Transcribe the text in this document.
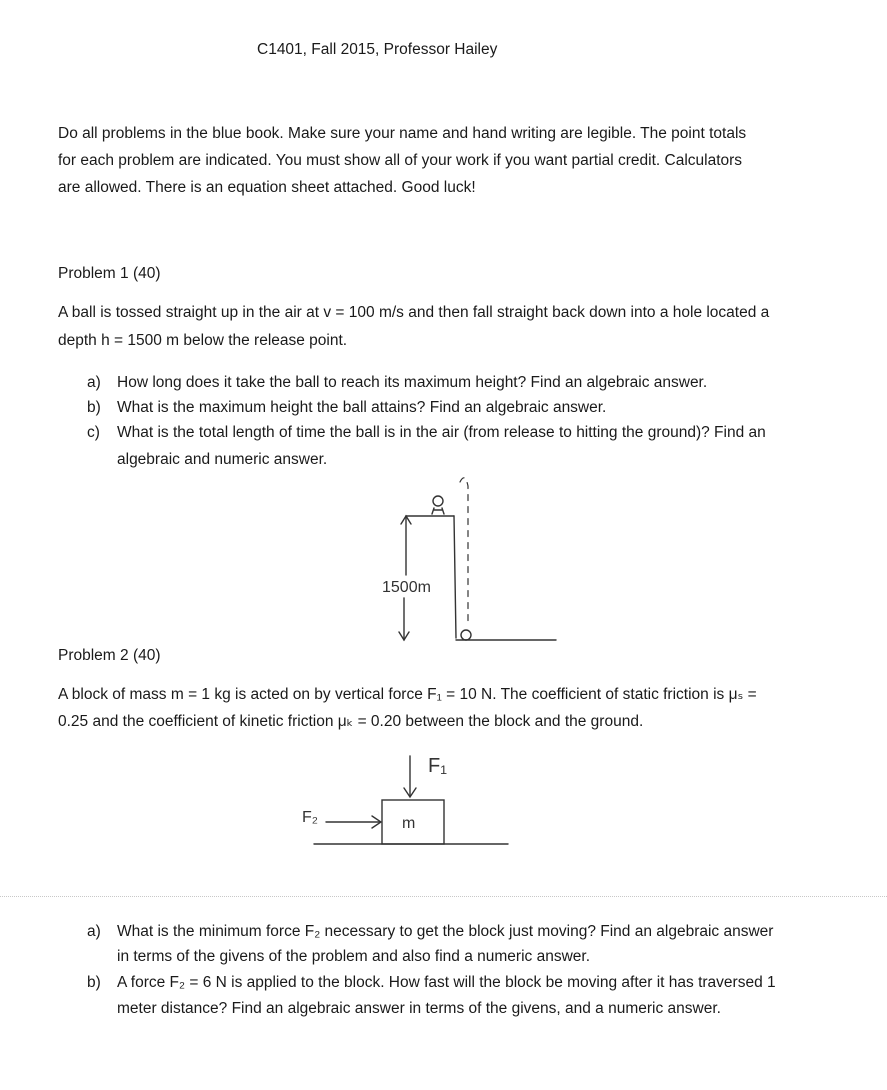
C1401, Fall 2015, Professor Hailey
Do all problems in the blue book. Make sure your name and hand writing are legible. The point totals
for each problem are indicated. You must show all of your work if you want partial credit. Calculators
are allowed. There is an equation sheet attached. Good luck!
Problem 1 (40)
A ball is tossed straight up in the air at v = 100 m/s and then fall straight back down into a hole located a
depth h = 1500 m below the release point.
a) How long does it take the ball to reach its maximum height? Find an algebraic answer.
b) What is the maximum height the ball attains? Find an algebraic answer.
c) What is the total length of time the ball is in the air (from release to hitting the ground)? Find an
algebraic and numeric answer.
1500m
Problem 2 (40)
A block of mass m = 1 kg is acted on by vertical force F₁ = 10 N. The coefficient of static friction is μₛ =
0.25 and the coefficient of kinetic friction μₖ = 0.20 between the block and the ground.
F₁
F₂	m
a) What is the minimum force F₂ necessary to get the block just moving? Find an algebraic answer
in terms of the givens of the problem and also find a numeric answer.
b) A force F₂ = 6 N is applied to the block. How fast will the block be moving after it has traversed 1
meter distance? Find an algebraic answer in terms of the givens, and a numeric answer.
